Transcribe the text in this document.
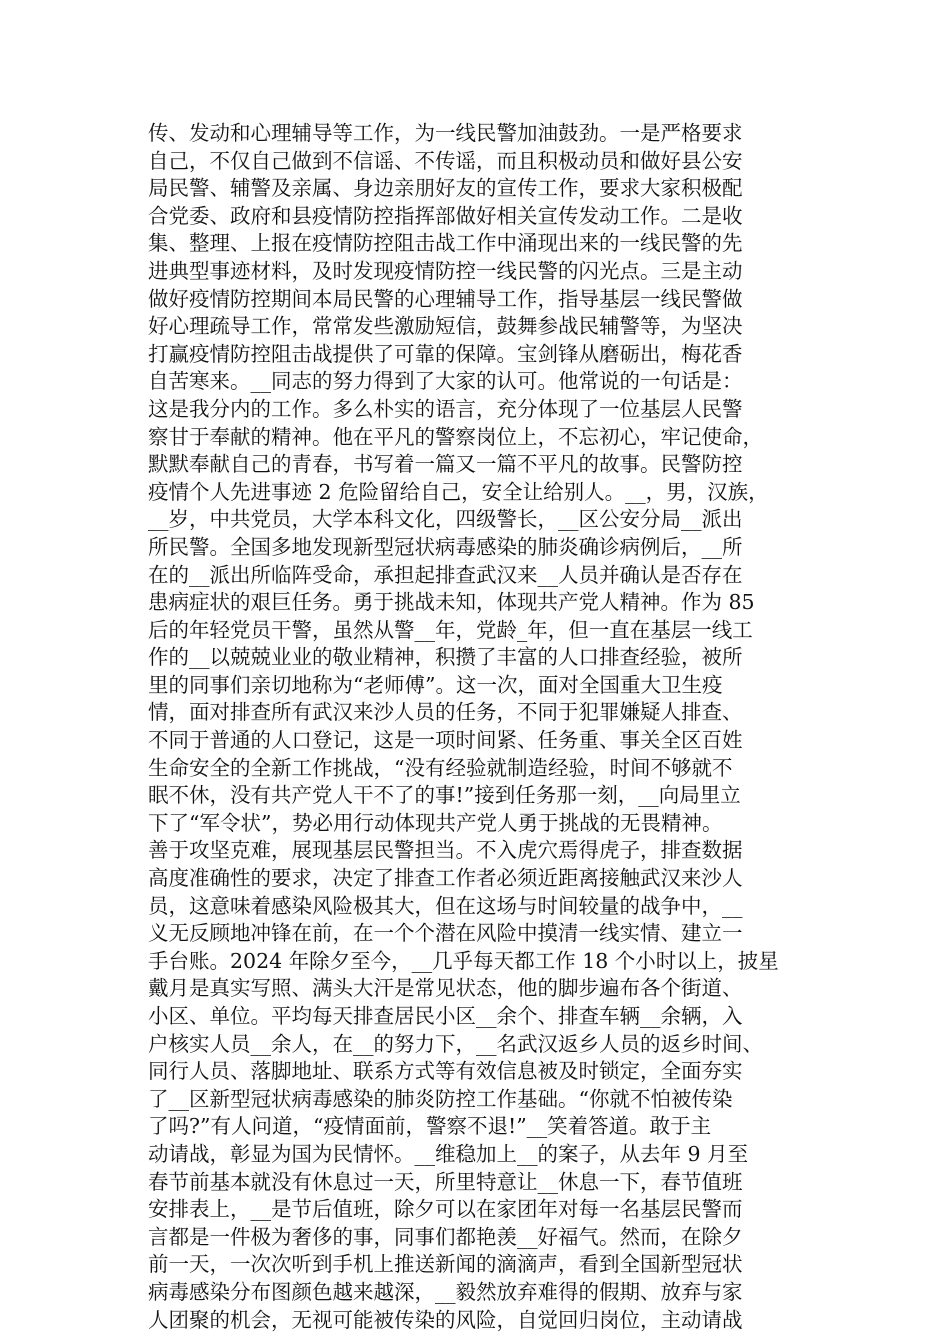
传、发动和心理辅导等工作，为一线民警加油鼓劲。一是严格要求
自己，不仅自己做到不信谣、不传谣，而且积极动员和做好县公安
局民警、辅警及亲属、身边亲朋好友的宣传工作，要求大家积极配
合党委、政府和县疫情防控指挥部做好相关宣传发动工作。二是收
集、整理、上报在疫情防控阻击战工作中涌现出来的一线民警的先
进典型事迹材料，及时发现疫情防控一线民警的闪光点。三是主动
做好疫情防控期间本局民警的心理辅导工作，指导基层一线民警做
好心理疏导工作，常常发些激励短信，鼓舞参战民辅警等，为坚决
打赢疫情防控阻击战提供了可靠的保障。宝剑锋从磨砺出，梅花香
自苦寒来。__同志的努力得到了大家的认可。他常说的一句话是：
这是我分内的工作。多么朴实的语言，充分体现了一位基层人民警
察甘于奉献的精神。他在平凡的警察岗位上，不忘初心，牢记使命，
默默奉献自己的青春，书写着一篇又一篇不平凡的故事。民警防控
疫情个人先进事迹 2 危险留给自己，安全让给别人。__，男，汉族，
__岁，中共党员，大学本科文化，四级警长，__区公安分局__派出
所民警。全国多地发现新型冠状病毒感染的肺炎确诊病例后，__所
在的__派出所临阵受命，承担起排查武汉来__人员并确认是否存在
患病症状的艰巨任务。勇于挑战未知，体现共产党人精神。作为 85
后的年轻党员干警，虽然从警__年，党龄_年，但一直在基层一线工
作的__以兢兢业业的敬业精神，积攒了丰富的人口排查经验，被所
里的同事们亲切地称为“老师傅”。这一次，面对全国重大卫生疫
情，面对排查所有武汉来沙人员的任务，不同于犯罪嫌疑人排查、
不同于普通的人口登记，这是一项时间紧、任务重、事关全区百姓
生命安全的全新工作挑战，“没有经验就制造经验，时间不够就不
眠不休，没有共产党人干不了的事!”接到任务那一刻，__向局里立
下了“军令状”，势必用行动体现共产党人勇于挑战的无畏精神。
善于攻坚克难，展现基层民警担当。不入虎穴焉得虎子，排查数据
高度准确性的要求，决定了排查工作者必须近距离接触武汉来沙人
员，这意味着感染风险极其大，但在这场与时间较量的战争中，__
义无反顾地冲锋在前，在一个个潜在风险中摸清一线实情、建立一
手台账。2024 年除夕至今，__几乎每天都工作 18 个小时以上，披星
戴月是真实写照、满头大汗是常见状态，他的脚步遍布各个街道、
小区、单位。平均每天排查居民小区__余个、排查车辆__余辆，入
户核实人员__余人，在__的努力下，__名武汉返乡人员的返乡时间、
同行人员、落脚地址、联系方式等有效信息被及时锁定，全面夯实
了__区新型冠状病毒感染的肺炎防控工作基础。“你就不怕被传染
了吗?”有人问道，“疫情面前，警察不退!”__笑着答道。敢于主
动请战，彰显为国为民情怀。__维稳加上__的案子，从去年 9 月至
春节前基本就没有休息过一天，所里特意让__休息一下，春节值班
安排表上，__是节后值班，除夕可以在家团年对每一名基层民警而
言都是一件极为奢侈的事，同事们都艳羡__好福气。然而，在除夕
前一天，一次次听到手机上推送新闻的滴滴声，看到全国新型冠状
病毒感染分布图颜色越来越深，__毅然放弃难得的假期、放弃与家
人团聚的机会，无视可能被传染的风险，自觉回归岗位，主动请战
